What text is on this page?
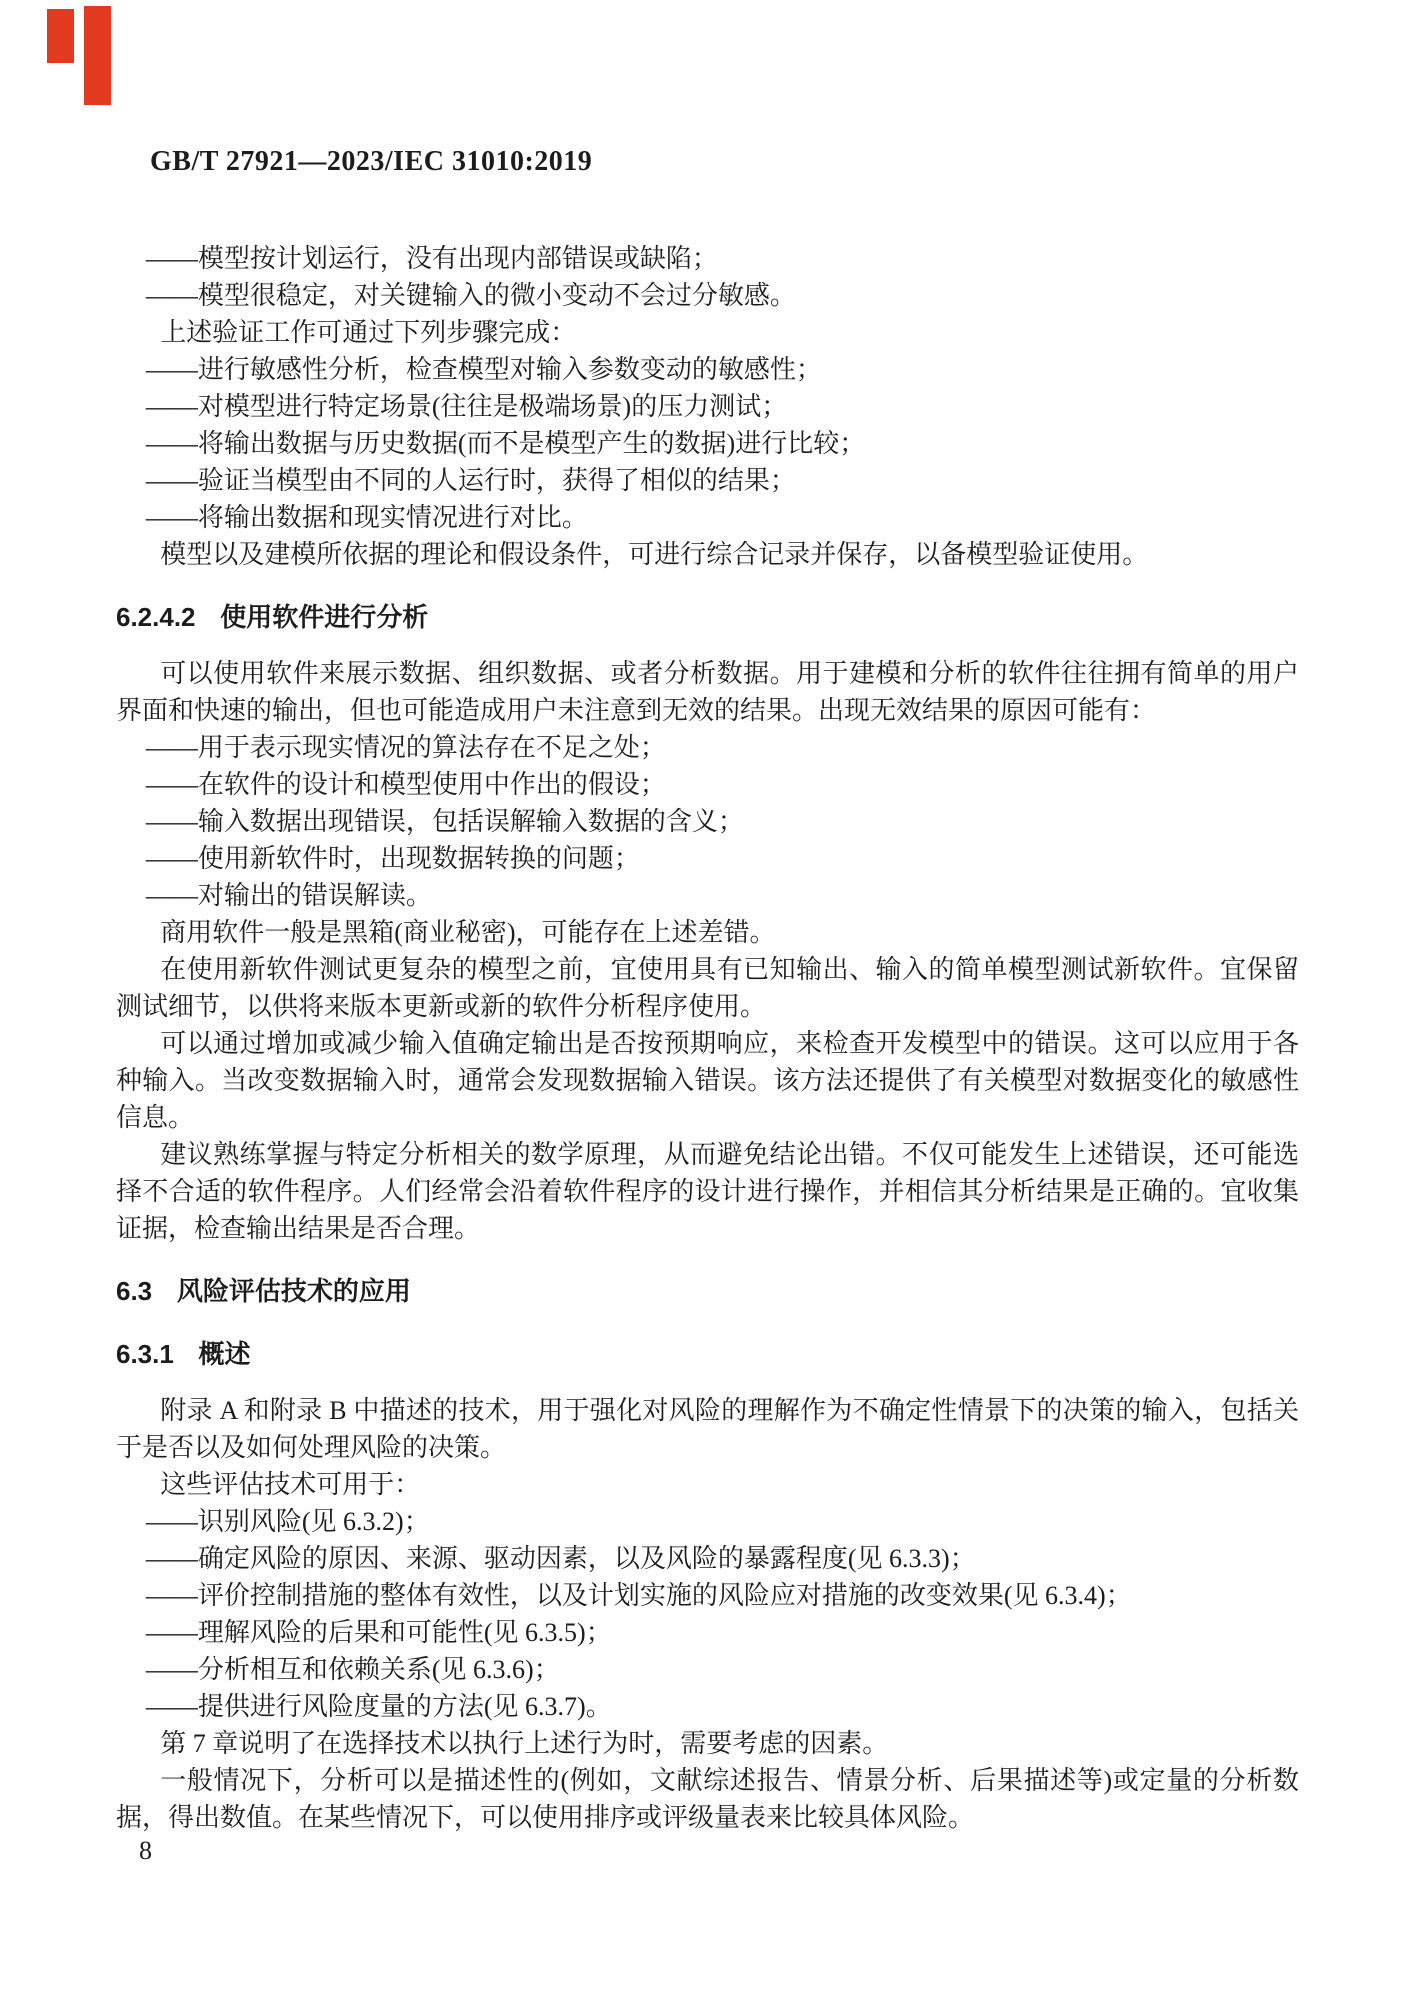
GB/T 27921—2023/IEC 31010:2019

——模型按计划运行，没有出现内部错误或缺陷；

——模型很稳定，对关键输入的微小变动不会过分敏感。

上述验证工作可通过下列步骤完成：

——进行敏感性分析，检查模型对输入参数变动的敏感性；

——对模型进行特定场景(往往是极端场景)的压力测试；

——将输出数据与历史数据(而不是模型产生的数据)进行比较；

——验证当模型由不同的人运行时，获得了相似的结果；

——将输出数据和现实情况进行对比。

模型以及建模所依据的理论和假设条件，可进行综合记录并保存，以备模型验证使用。

6.2.4.2 使用软件进行分析

可以使用软件来展示数据、组织数据、或者分析数据。用于建模和分析的软件往往拥有简单的用户界面和快速的输出，但也可能造成用户未注意到无效的结果。出现无效结果的原因可能有：

——用于表示现实情况的算法存在不足之处；

——在软件的设计和模型使用中作出的假设；

——输入数据出现错误，包括误解输入数据的含义；

——使用新软件时，出现数据转换的问题；

——对输出的错误解读。

商用软件一般是黑箱(商业秘密)，可能存在上述差错。

在使用新软件测试更复杂的模型之前，宜使用具有已知输出、输入的简单模型测试新软件。宜保留测试细节，以供将来版本更新或新的软件分析程序使用。

可以通过增加或减少输入值确定输出是否按预期响应，来检查开发模型中的错误。这可以应用于各种输入。当改变数据输入时，通常会发现数据输入错误。该方法还提供了有关模型对数据变化的敏感性信息。

建议熟练掌握与特定分析相关的数学原理，从而避免结论出错。不仅可能发生上述错误，还可能选择不合适的软件程序。人们经常会沿着软件程序的设计进行操作，并相信其分析结果是正确的。宜收集证据，检查输出结果是否合理。

6.3 风险评估技术的应用

6.3.1 概述

附录 A 和附录 B 中描述的技术，用于强化对风险的理解作为不确定性情景下的决策的输入，包括关于是否以及如何处理风险的决策。

这些评估技术可用于：

——识别风险(见 6.3.2)；

——确定风险的原因、来源、驱动因素，以及风险的暴露程度(见 6.3.3)；

——评价控制措施的整体有效性，以及计划实施的风险应对措施的改变效果(见 6.3.4)；

——理解风险的后果和可能性(见 6.3.5)；

——分析相互和依赖关系(见 6.3.6)；

——提供进行风险度量的方法(见 6.3.7)。

第 7 章说明了在选择技术以执行上述行为时，需要考虑的因素。

一般情况下，分析可以是描述性的(例如，文献综述报告、情景分析、后果描述等)或定量的分析数据，得出数值。在某些情况下，可以使用排序或评级量表来比较具体风险。

8
